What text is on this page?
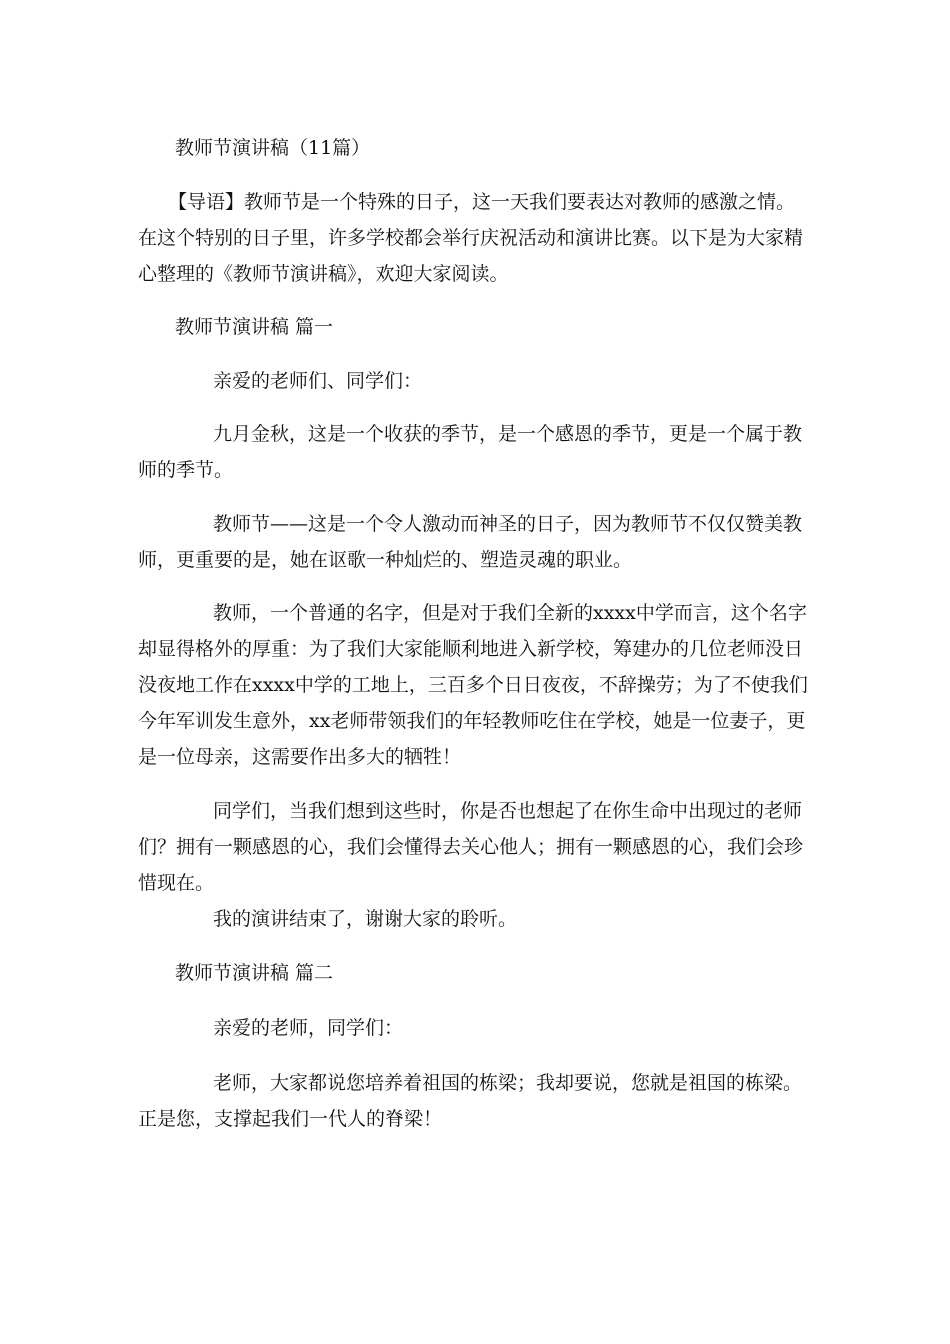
教师节演讲稿（11篇）

【导语】教师节是一个特殊的日子，这一天我们要表达对教师的感激之情。

在这个特别的日子里，许多学校都会举行庆祝活动和演讲比赛。以下是为大家精

心整理的《教师节演讲稿》，欢迎大家阅读。

教师节演讲稿 篇一

亲爱的老师们、同学们：

九月金秋，这是一个收获的季节，是一个感恩的季节，更是一个属于教

师的季节。

教师节——这是一个令人激动而神圣的日子，因为教师节不仅仅赞美教

师，更重要的是，她在讴歌一种灿烂的、塑造灵魂的职业。

教师，一个普通的名字，但是对于我们全新的xxxx中学而言，这个名字

却显得格外的厚重：为了我们大家能顺利地进入新学校，筹建办的几位老师没日

没夜地工作在xxxx中学的工地上，三百多个日日夜夜，不辞操劳；为了不使我们

今年军训发生意外，xx老师带领我们的年轻教师吃住在学校，她是一位妻子，更

是一位母亲，这需要作出多大的牺牲！

同学们，当我们想到这些时，你是否也想起了在你生命中出现过的老师

们？拥有一颗感恩的心，我们会懂得去关心他人；拥有一颗感恩的心，我们会珍

惜现在。

我的演讲结束了，谢谢大家的聆听。

教师节演讲稿 篇二

亲爱的老师，同学们：

老师，大家都说您培养着祖国的栋梁；我却要说，您就是祖国的栋梁。

正是您，支撑起我们一代人的脊梁！
